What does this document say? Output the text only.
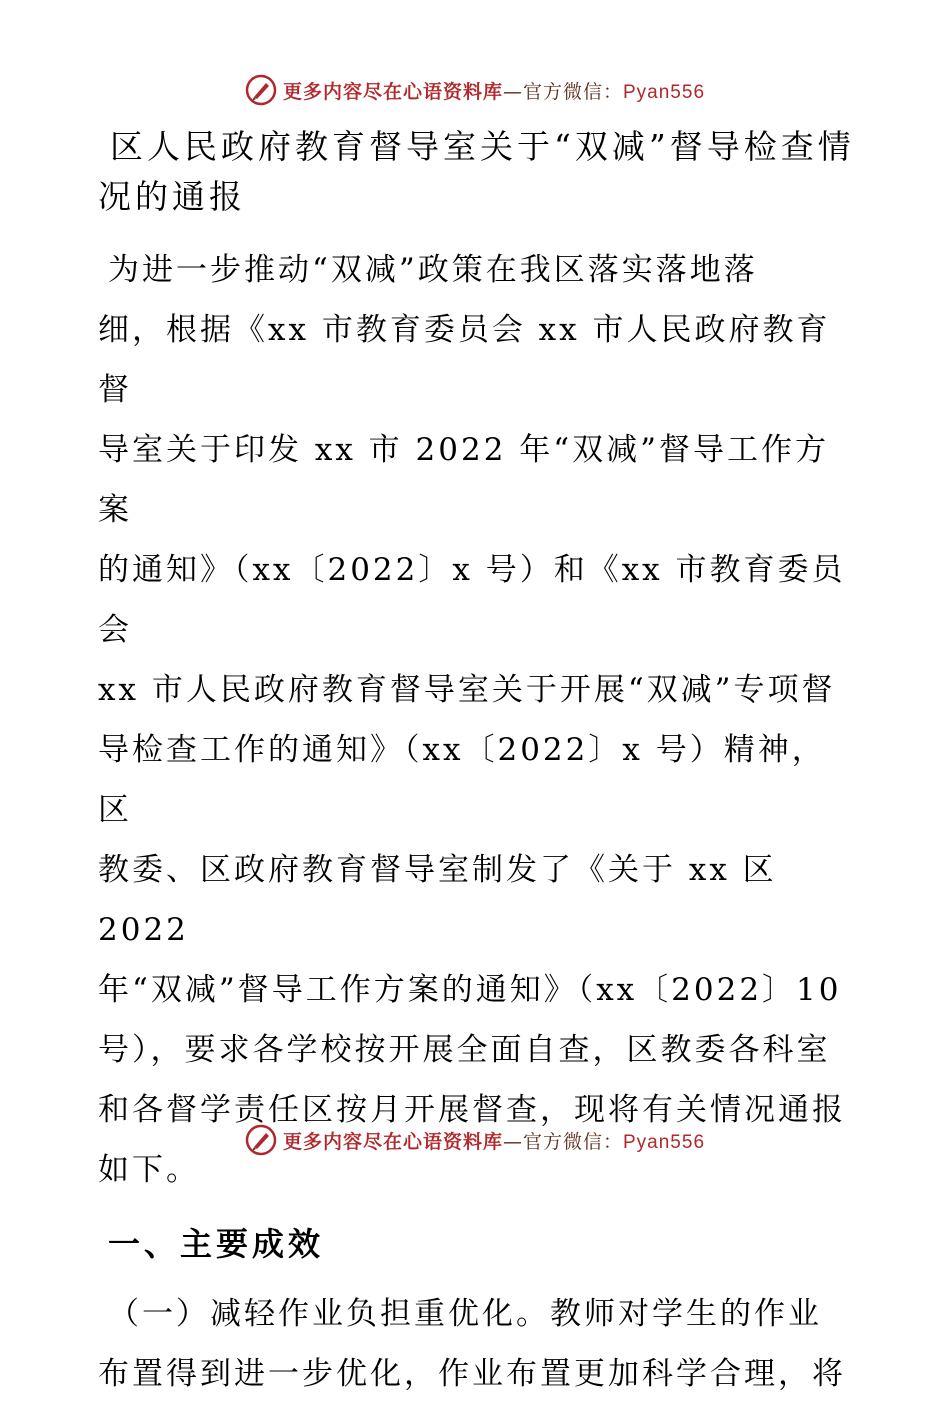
更多内容尽在心语资料库—官方微信：Pyan556
区人民政府教育督导室关于“双减”督导检查情
况的通报

为进一步推动“双减”政策在我区落实落地落

细，根据《xx 市教育委员会 xx 市人民政府教育督

导室关于印发 xx 市 2022 年“双减”督导工作方案

的通知》（xx〔2022〕x 号）和《xx 市教育委员会

xx 市人民政府教育督导室关于开展“双减”专项督

导检查工作的通知》（xx〔2022〕x 号）精神，区

教委、区政府教育督导室制发了《关于 xx 区 2022

年“双减”督导工作方案的通知》（xx〔2022〕10

号），要求各学校按开展全面自查，区教委各科室

和各督学责任区按月开展督查，现将有关情况通报

如下。

一、主要成效

（一）减轻作业负担重优化。教师对学生的作业

布置得到进一步优化，作业布置更加科学合理，将

更多内容尽在心语资料库—官方微信：Pyan556
